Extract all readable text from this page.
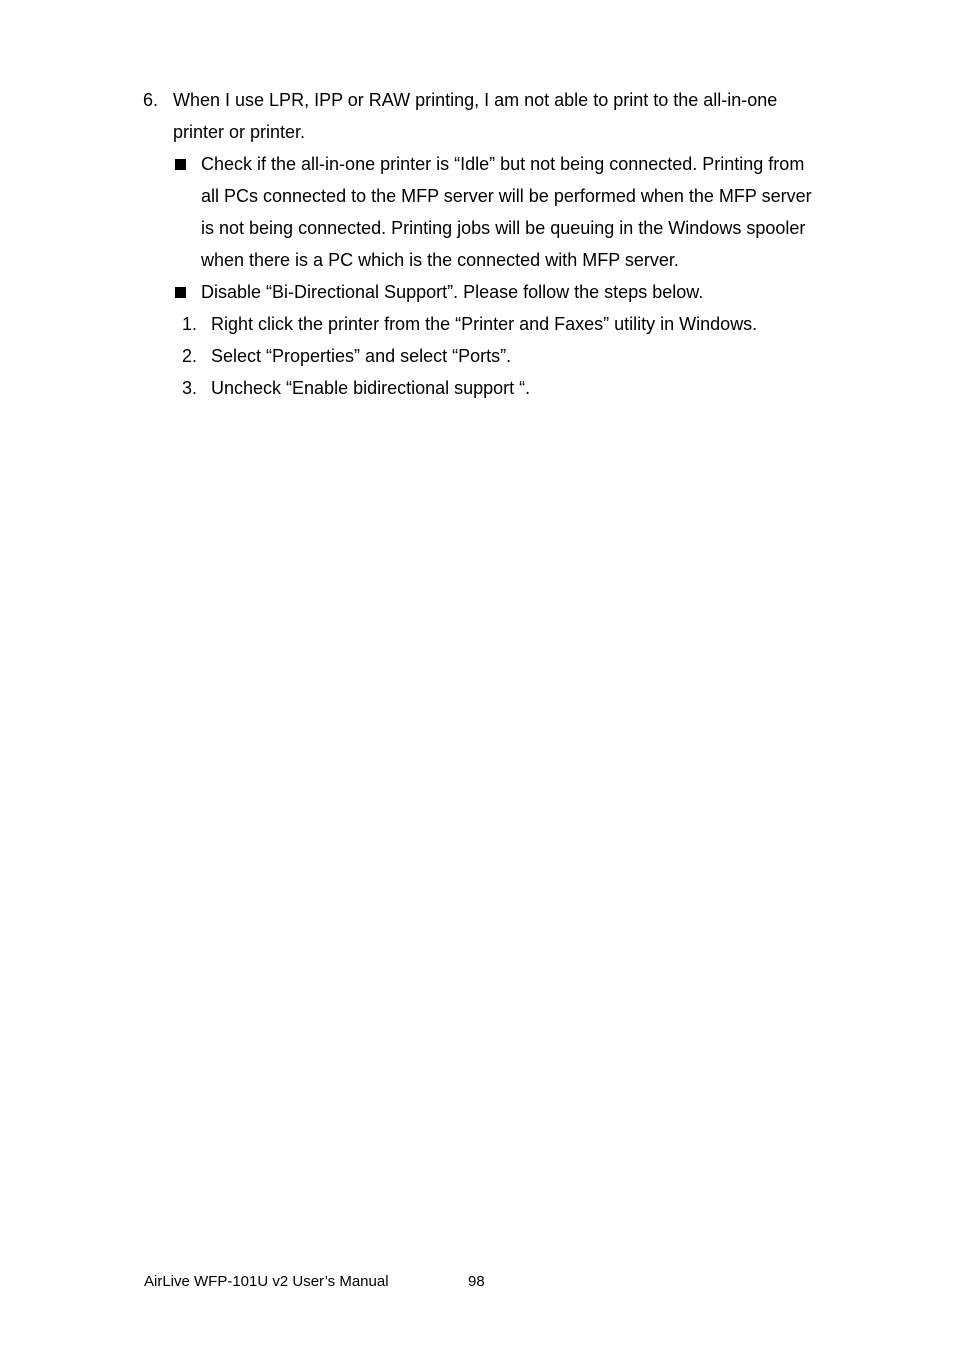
6. When I use LPR, IPP or RAW printing, I am not able to print to the all-in-one printer or printer.
Check if the all-in-one printer is “Idle” but not being connected. Printing from all PCs connected to the MFP server will be performed when the MFP server is not being connected. Printing jobs will be queuing in the Windows spooler when there is a PC which is the connected with MFP server.
Disable “Bi-Directional Support”. Please follow the steps below.
1. Right click the printer from the “Printer and Faxes” utility in Windows.
2. Select “Properties” and select “Ports”.
3. Uncheck “Enable bidirectional support “.
AirLive WFP-101U v2 User’s Manual	98
